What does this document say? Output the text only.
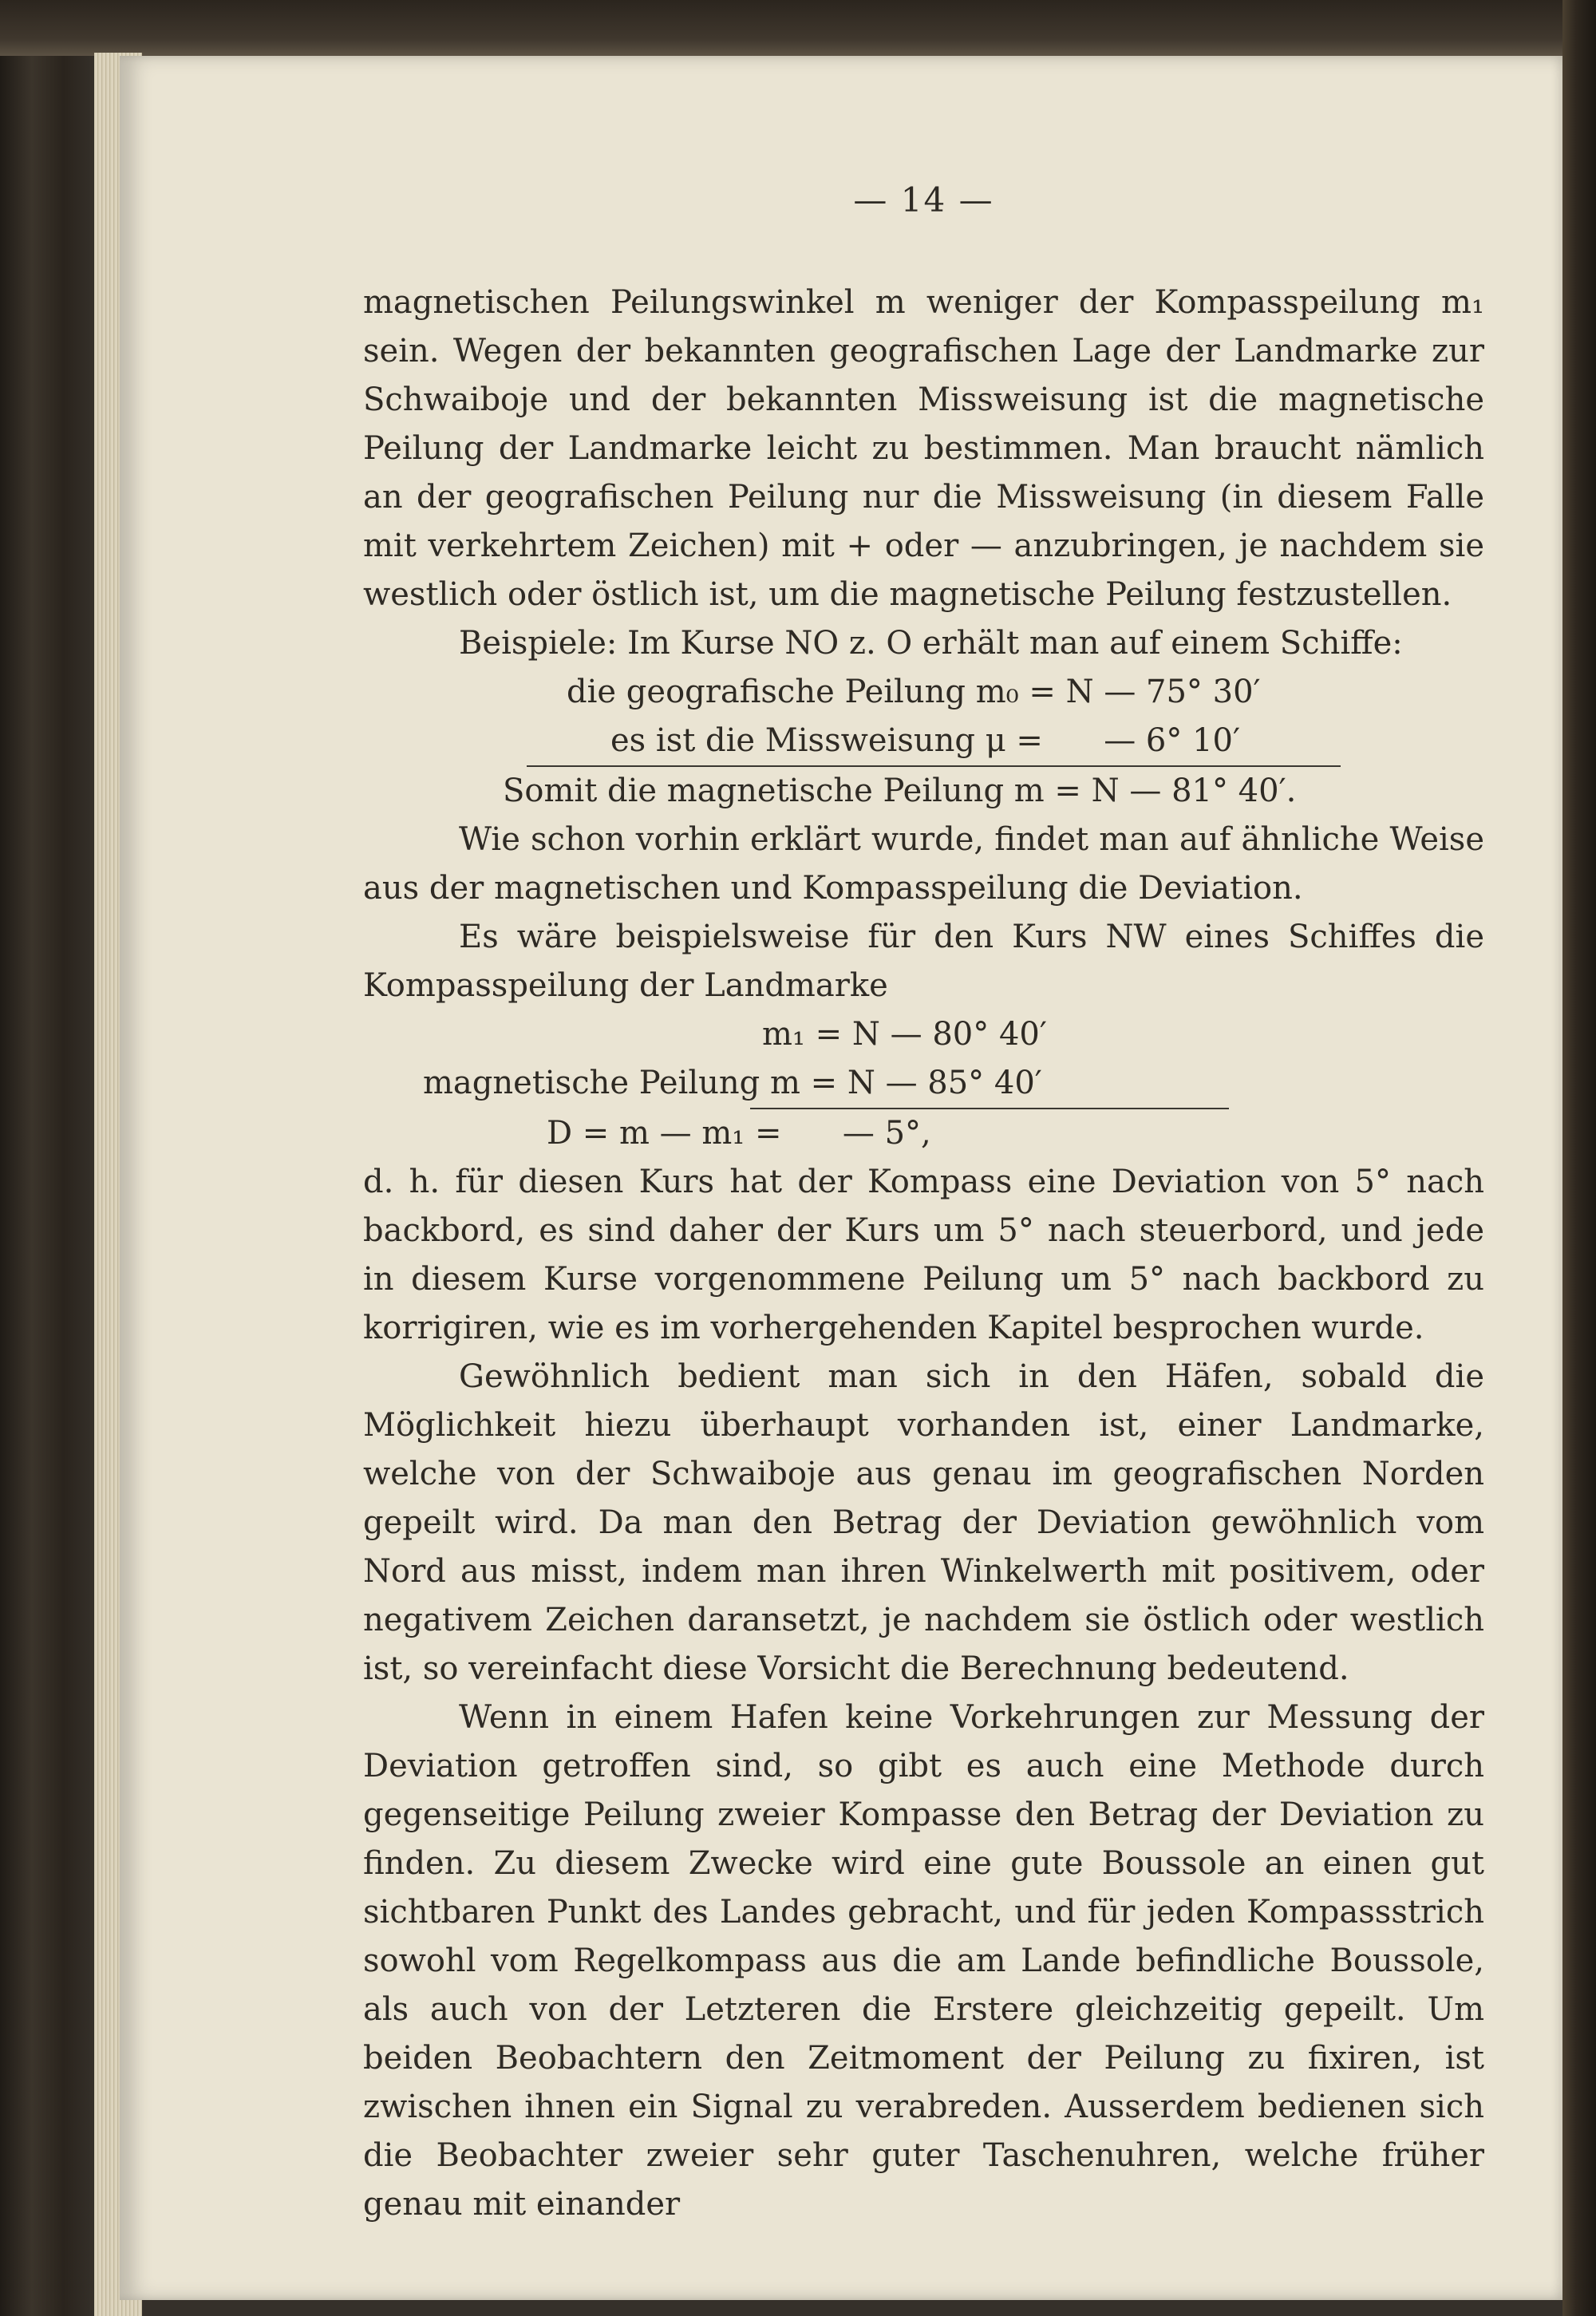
— 14 —

magnetischen Peilungswinkel m weniger der Kompasspeilung m₁ sein. Wegen der bekannten geografischen Lage der Landmarke zur Schwaiboje und der bekannten Missweisung ist die magnetische Peilung der Landmarke leicht zu bestimmen. Man braucht nämlich an der geografischen Peilung nur die Missweisung (in diesem Falle mit verkehrtem Zeichen) mit + oder — anzubringen, je nachdem sie westlich oder östlich ist, um die magnetische Peilung festzustellen.

Beispiele: Im Kurse NO z. O erhält man auf einem Schiffe:

die geografische Peilung m₀ = N — 75° 30′
es ist die Missweisung μ =      — 6° 10′
Somit die magnetische Peilung m = N — 81° 40′.

Wie schon vorhin erklärt wurde, findet man auf ähnliche Weise aus der magnetischen und Kompasspeilung die Deviation.

Es wäre beispielsweise für den Kurs NW eines Schiffes die Kompasspeilung der Landmarke

m₁ = N — 80° 40′
magnetische Peilung m = N — 85° 40′
D = m — m₁ =      — 5°,

d. h. für diesen Kurs hat der Kompass eine Deviation von 5° nach backbord, es sind daher der Kurs um 5° nach steuerbord, und jede in diesem Kurse vorgenommene Peilung um 5° nach backbord zu korrigiren, wie es im vorhergehenden Kapitel besprochen wurde.

Gewöhnlich bedient man sich in den Häfen, sobald die Möglichkeit hiezu überhaupt vorhanden ist, einer Landmarke, welche von der Schwaiboje aus genau im geografischen Norden gepeilt wird. Da man den Betrag der Deviation gewöhnlich vom Nord aus misst, indem man ihren Winkelwerth mit positivem, oder negativem Zeichen daransetzt, je nachdem sie östlich oder westlich ist, so vereinfacht diese Vorsicht die Berechnung bedeutend.

Wenn in einem Hafen keine Vorkehrungen zur Messung der Deviation getroffen sind, so gibt es auch eine Methode durch gegenseitige Peilung zweier Kompasse den Betrag der Deviation zu finden. Zu diesem Zwecke wird eine gute Boussole an einen gut sichtbaren Punkt des Landes gebracht, und für jeden Kompassstrich sowohl vom Regelkompass aus die am Lande befindliche Boussole, als auch von der Letzteren die Erstere gleichzeitig gepeilt. Um beiden Beobachtern den Zeitmoment der Peilung zu fixiren, ist zwischen ihnen ein Signal zu verabreden. Ausserdem bedienen sich die Beobachter zweier sehr guter Taschenuhren, welche früher genau mit einander
